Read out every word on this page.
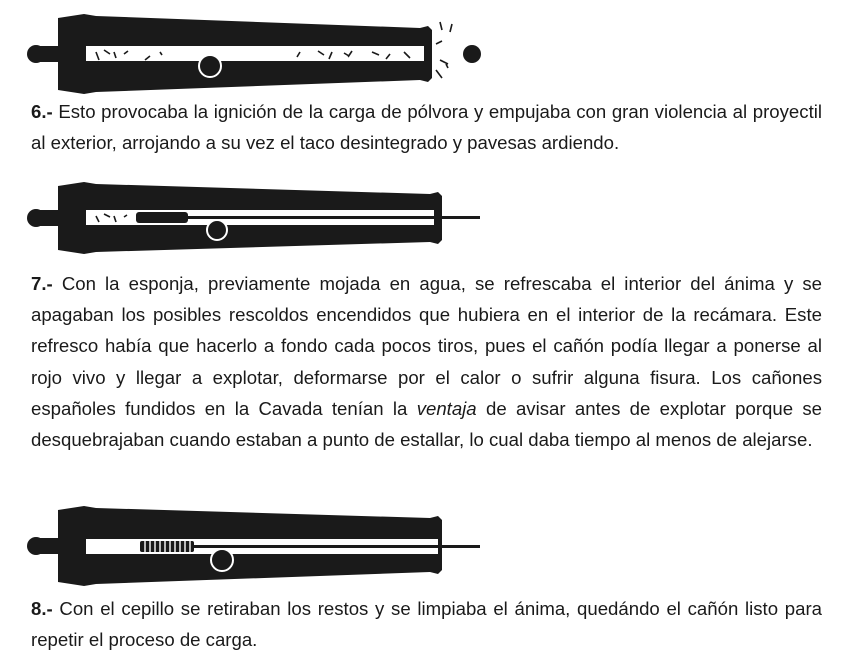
6.- Esto provocaba la ignición de la carga de pólvora y empujaba con gran violencia al proyectil al exterior, arrojando a su vez el taco desintegrado y pavesas ardiendo.

7.- Con la esponja, previamente mojada en agua, se refrescaba el interior del ánima y se apagaban los posibles rescoldos encendidos que hubiera en el interior de la recámara. Este refresco había que hacerlo a fondo cada pocos tiros, pues el cañón podía llegar a ponerse al rojo vivo y llegar a explotar, deformarse por el calor o sufrir alguna fisura. Los cañones españoles fundidos en la Cavada tenían la ventaja de avisar antes de explotar porque se desquebrajaban cuando estaban a punto de estallar, lo cual daba tiempo al menos de alejarse.

8.- Con el cepillo se retiraban los restos y se limpiaba el ánima, quedándo el cañón listo para repetir el proceso de carga.
